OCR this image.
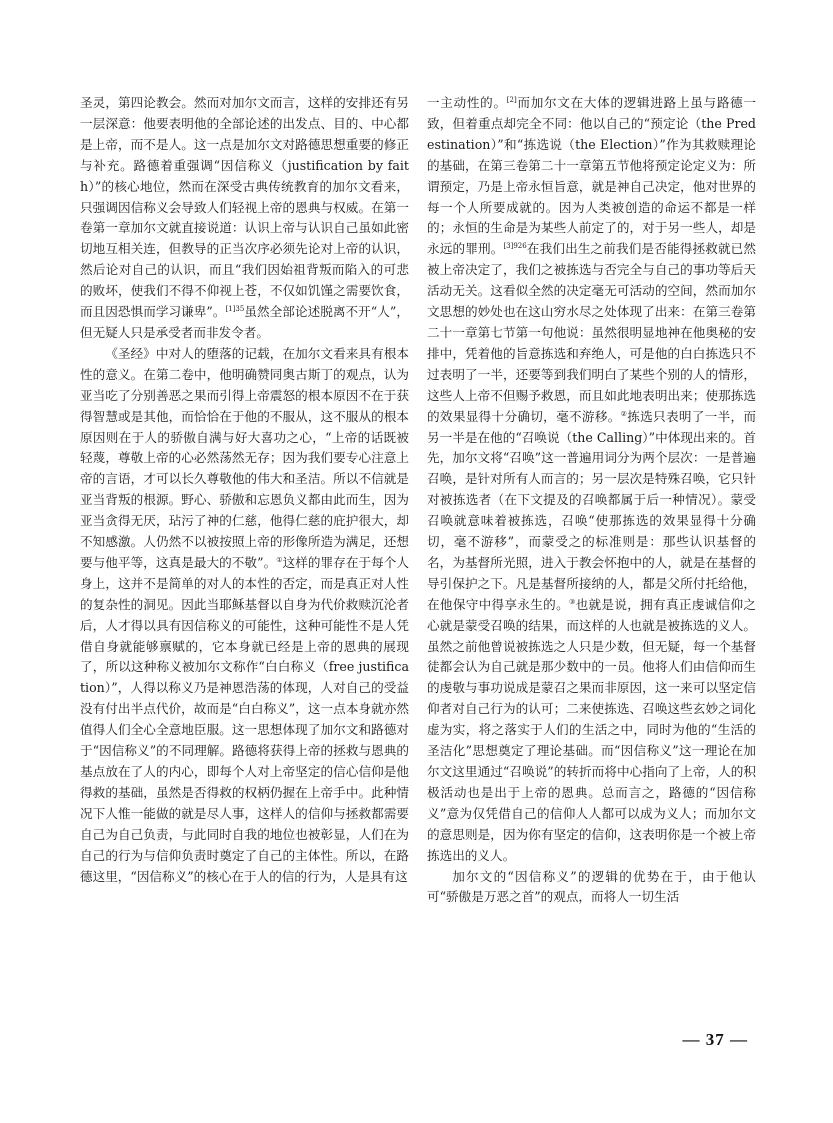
圣灵，第四论教会。然而对加尔文而言，这样的安排还有另一层深意：他要表明他的全部论述的出发点、目的、中心都是上帝，而不是人。这一点是加尔文对路德思想重要的修正与补充。路德着重强调“因信称义（justification by faith）”的核心地位，然而在深受古典传统教育的加尔文看来，只强调因信称义会导致人们轻视上帝的恩典与权威。在第一卷第一章加尔文就直接说道：认识上帝与认识自己虽如此密切地互相关连，但教导的正当次序必须先论对上帝的认识，然后论对自己的认识，而且“我们因始祖背叛而陷入的可悲的败坏，使我们不得不仰视上苍，不仅如饥馑之需要饮食，而且因恐惧而学习谦卑”。$^{[1]35}$虽然全部论述脱离不开“人”，但无疑人只是承受者而非发令者。

《圣经》中对人的堕落的记载，在加尔文看来具有根本性的意义。在第二卷中，他明确赞同奥古斯丁的观点，认为亚当吃了分别善恶之果而引得上帝震怒的根本原因不在于获得智慧或是其他，而恰恰在于他的不服从，这不服从的根本原因则在于人的骄傲自满与好大喜功之心，“上帝的话既被轻蔑，尊敬上帝的心必然荡然无存；因为我们要专心注意上帝的言语，才可以长久尊敬他的伟大和圣洁。所以不信就是亚当背叛的根源。野心、骄傲和忘恩负义都由此而生，因为亚当贪得无厌，玷污了神的仁慈，他得仁慈的庇护很大，却不知感激。人仍然不以被按照上帝的形像所造为满足，还想要与他平等，这真是最大的不敬”。①这样的罪存在于每个人身上，这并不是简单的对人的本性的否定，而是真正对人性的复杂性的洞见。因此当耶稣基督以自身为代价救赎沉沦者后，人才得以具有因信称义的可能性，这种可能性不是人凭借自身就能够禀赋的，它本身就已经是上帝的恩典的展现了，所以这种称义被加尔文称作“白白称义（free justification）”，人得以称义乃是神恩浩荡的体现，人对自己的受益没有付出半点代价，故而是“白白称义”，这一点本身就亦然值得人们全心全意地臣服。这一思想体现了加尔文和路德对于“因信称义”的不同理解。路德将获得上帝的拯救与恩典的基点放在了人的内心，即每个人对上帝坚定的信心信仰是他得救的基础，虽然是否得救的权柄仍握在上帝手中。此种情况下人惟一能做的就是尽人事，这样人的信仰与拯救都需要自己为自己负责，与此同时自我的地位也被彰显，人们在为自己的行为与信仰负责时奠定了自己的主体性。所以，在路德这里，“因信称义”的核心在于人的信的行为，人是具有这

一主动性的。[2]而加尔文在大体的逻辑进路上虽与路德一致，但着重点却完全不同：他以自己的“预定论（the Predestination）”和“拣选说（the Election）”作为其救赎理论的基础，在第三卷第二十一章第五节他将预定论定义为：所谓预定，乃是上帝永恒旨意，就是神自己决定，他对世界的每一个人所要成就的。因为人类被创造的命运不都是一样的；永恒的生命是为某些人前定了的，对于另一些人，却是永远的罪刑。$^{[3]926}$在我们出生之前我们是否能得拯救就已然被上帝决定了，我们之被拣选与否完全与自己的事功等后天活动无关。这看似全然的决定毫无可活动的空间，然而加尔文思想的妙处也在这山穷水尽之处体现了出来：在第三卷第二十一章第七节第一句他说：虽然很明显地神在他奥秘的安排中，凭着他的旨意拣选和弃绝人，可是他的白白拣选只不过表明了一半，还要等到我们明白了某些个别的人的情形，这些人上帝不但赐予救恩，而且如此地表明出来；使那拣选的效果显得十分确切，毫不游移。②拣选只表明了一半，而另一半是在他的“召唤说（the Calling）”中体现出来的。首先，加尔文将“召唤”这一普遍用词分为两个层次：一是普遍召唤，是针对所有人而言的；另一层次是特殊召唤，它只针对被拣选者（在下文提及的召唤都属于后一种情况）。蒙受召唤就意味着被拣选，召唤“使那拣选的效果显得十分确切，毫不游移”，而蒙受之的标准则是：那些认识基督的名，为基督所光照，进入于教会怀抱中的人，就是在基督的导引保护之下。凡是基督所接纳的人，都是父所付托给他，在他保守中得享永生的。③也就是说，拥有真正虔诚信仰之心就是蒙受召唤的结果，而这样的人也就是被拣选的义人。虽然之前他曾说被拣选之人只是少数，但无疑，每一个基督徒都会认为自己就是那少数中的一员。他将人们由信仰而生的虔敬与事功说成是蒙召之果而非原因，这一来可以坚定信仰者对自己行为的认可；二来使拣选、召唤这些玄妙之词化虚为实，将之落实于人们的生活之中，同时为他的“生活的圣洁化”思想奠定了理论基础。而“因信称义”这一理论在加尔文这里通过“召唤说”的转折而将中心指向了上帝，人的积极活动也是出于上帝的恩典。总而言之，路德的“因信称义”意为仅凭借自己的信仰人人都可以成为义人；而加尔文的意思则是，因为你有坚定的信仰，这表明你是一个被上帝拣选出的义人。

加尔文的“因信称义”的逻辑的优势在于，由于他认可“骄傲是万恶之首”的观点，而将人一切生活

— 37 —
